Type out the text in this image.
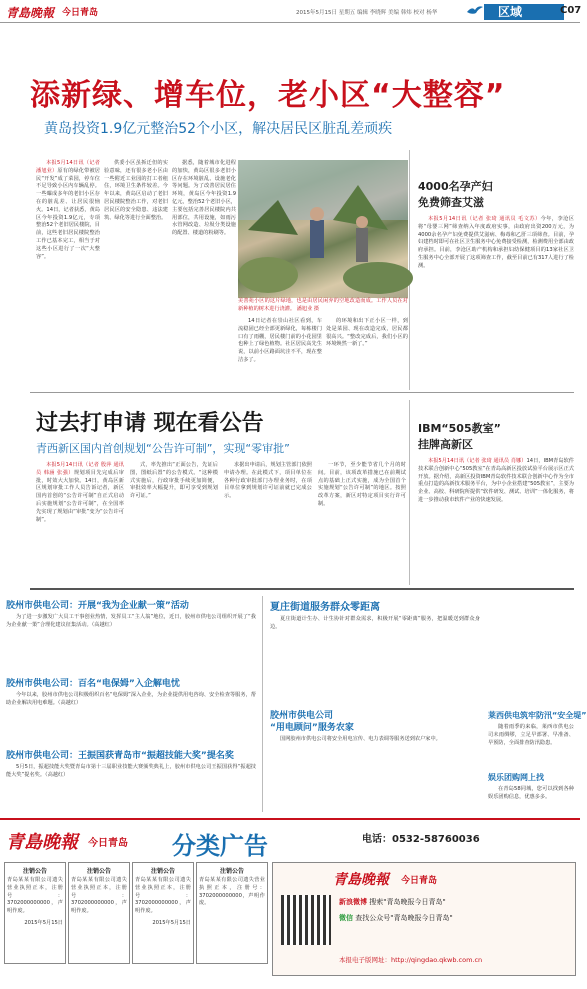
青島晚報 今日青岛	2015年5月15日 星期五 编辑 李晓辉 美编 韩炜 校对 杨华	区域	C07
添新绿、增车位，老小区“大整容”
黄岛投资1.9亿元整治52个小区，解决居民区脏乱差顽疾

本报5月14日讯（记者 潘旭业）原有的绿化带被居民“开发”成了菜园，停车位不足导致小区内车辆乱停。一些曝成多年的老旧小区存在的脏乱差、让居民很恼火。14日，记者获悉，黄岛区今年投资1.9亿元，专项整治52个老旧居民楼院，目前，这些老旧居民楼院整治工作已基本完工，相当于对这些小区进行了一次“大整容”。

供委小区虽拆迁但的实验意味，还有很多老小区由一些附近工业园的打工者租住，环境卫生条件较差。今年以来，黄岛区启动了老旧居民楼院整治工作，对老旧居民区的安全隐患、违法建筑、绿化等进行全面整治。

据悉，随着城市化进程的加快，黄岛区很多老旧小区存在环境脏乱、设施老化等问题。为了改善居民居住环境，黄岛区今年投资1.9亿元，整治52个老旧小区，主要包括完善居民楼院内共用部位，共用设施，如雨污水管网改造、垃圾分类设施的配置、楼道的粉刷等。

美善苑小区的这片绿地，也是由居民闲弃的空地改造而成。工作人员在对新种植的树木进行浇灌。 潘旭业 摄

14日记者在崇山社区看到，车流稳固已经全部更新绿化，每栋楼门口有了雨棚，居民楼门前的小花园里也种上了绿色植物。社区居民高先生说，以前小区路面坑洼不平，现在整洁多了。

的环境和出下正小区一样，到处是菜园、现在改造完成，居民都很高兴。“整改完成后，我们小区的环境焕然一新了。”

4000名孕产妇
免费筛查艾滋

本报5月14日讯（记者 张琦 通讯员 毛文苏）今年，李沧区将“母婴三网”筛查纳入年度政府实事，由政府出资200万元，为4000余名孕产妇免费提供艾滋病、梅毒和乙肝三项筛查。目前，孕妇建档时即可在社区卫生服务中心免费接受检测，检测费用全部由政府承担。目前，李沧区助产机构和承担妇幼保健项目的13家社区卫生服务中心全部开展了这项筛查工作，截至目前已有317人进行了检测。

过去打申请 现在看公告
青西新区国内首创规划“公告许可制”，实现“零审批”

本报5月14日讯（记者 殷萍 通讯员 韩涵 张强）规划项目先完成后审批，时效大大加快。14日，黄岛区新区规划审批工作人员告诉记者，新区国内首创的“公告许可制”自正式启动后实施规划“公告许可制”，在全国率先实现了规划由“审批”变为“公告许可制”。

式，率先推出“正面公告，先证后图，图纸后置”的公告模式。“这种模式实施后，行政审批手续更加简便，审批效率大幅提升，即可享受到规划许可证。”

求据出申请后，规划主管部门依照申请办理。在此模式下，项目单位在各种行政审批部门办理业务时，在项目单位拿到规划许可证前就已完成公示。

一环节，至少能节省几个月的时间。目前，该项改革措施已在前期试点的基础上正式实施，成为全国首个实施规划“公告许可制”的地区。按照改革方案，新区对特定项目实行许可制。

IBM“505教室”
挂牌高新区

本报5月14日讯（记者 张琦 通讯员 肖娜）14日，IBM青岛软件技术联合创新中心“505教室”在青岛高新区投放试验平台展示区正式开放。据介绍，高新区投资IBM青岛软件技术联合创新中心作为全市重点打造的高新技术服务平台，为中小企业搭建“505教室”，主要为企业、高校、科研院所提供“软件研发、测试、培训”一体化服务，将进一步推动我市软件产业的快速发展。

胶州市供电公司：开展“我为企业献一策”活动

为了进一步激发广大员工干事创业热情，发挥员工“主人翁”地位，近日，胶州市供电公司组织开展了“我为企业献一策”合理化建议征集活动。（高越红）

胶州市供电公司：百名“电保姆”入企解电忧

今年以来，胶州市供电公司积极组织百名“电保姆”深入企业，为企业提供用电咨询、安全检查等服务，帮助企业解决用电难题。（高越红）

胶州市供电公司：王振国获青岛市“振超技能大奖”提名奖

5月5日，振超技能大奖暨青岛市第十三届职业技能大赛颁奖典礼上，胶州市供电公司王振国获得“振超技能大奖”提名奖。（高越红）

夏庄街道服务群众零距离

夏庄街道计生办、计生协针对群众需求，积极开展“零距离”服务，把温暖送到群众身边。

胶州市供电公司
“用电顾问”服务农家

国网胶州市供电公司将安全用电宣传、电力表调等服务送到农户家中。

莱西供电筑牢防汛“安全堤”

随着雨季的来临，莱西市供电公司未雨绸缪，立足早部署、早准备、早预防，全面排查防汛隐患。

娱乐团购网上找

在青岛58同城，您可以找到各种娱乐团购信息，优惠多多。

青島晚報 今日青岛 分类广告	电话：0532-58760036
注销公告
青岛某某有限公司遗失营业执照正本，注册号：3702000000000，声明作废。
2015年5月15日
注销公告
青岛某某有限公司遗失营业执照正本，注册号：3702000000000，声明作废。
注销公告
青岛某某有限公司遗失营业执照正本，注册号：3702000000000，声明作废。
2015年5月15日
注销公告
青岛某某有限公司遗失营业执照正本，注册号：3702000000000，声明作废。
青島晚報 今日青岛
新浪微博 搜索"青岛晚报今日青岛"
微信 查找公众号"青岛晚报今日青岛"
本报电子版网址：http://qingdao.qkwb.com.cn
